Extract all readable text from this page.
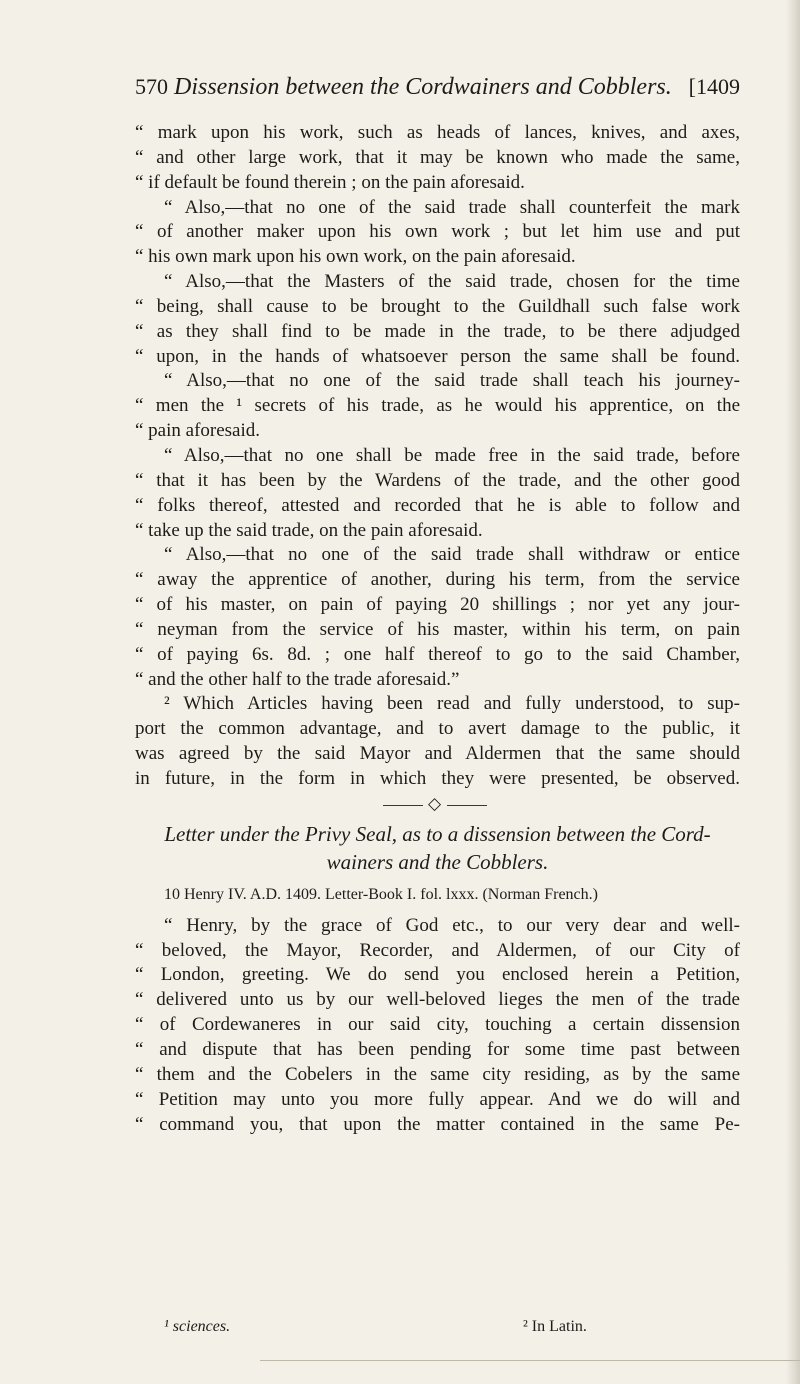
570 Dissension between the Cordwainers and Cobblers. [1409
“ mark upon his work, such as heads of lances, knives, and axes,
“ and other large work, that it may be known who made the same,
“ if default be found therein ; on the pain aforesaid.
“ Also,—that no one of the said trade shall counterfeit the mark
“ of another maker upon his own work ; but let him use and put
“ his own mark upon his own work, on the pain aforesaid.
“ Also,—that the Masters of the said trade, chosen for the time
“ being, shall cause to be brought to the Guildhall such false work
“ as they shall find to be made in the trade, to be there adjudged
“ upon, in the hands of whatsoever person the same shall be found.
“ Also,—that no one of the said trade shall teach his journey-
“ men the ¹ secrets of his trade, as he would his apprentice, on the
“ pain aforesaid.
“ Also,—that no one shall be made free in the said trade, before
“ that it has been by the Wardens of the trade, and the other good
“ folks thereof, attested and recorded that he is able to follow and
“ take up the said trade, on the pain aforesaid.
“ Also,—that no one of the said trade shall withdraw or entice
“ away the apprentice of another, during his term, from the service
“ of his master, on pain of paying 20 shillings ; nor yet any jour-
“ neyman from the service of his master, within his term, on pain
“ of paying 6s. 8d. ; one half thereof to go to the said Chamber,
“ and the other half to the trade aforesaid.”
² Which Articles having been read and fully understood, to sup-
port the common advantage, and to avert damage to the public, it
was agreed by the said Mayor and Aldermen that the same should
in future, in the form in which they were presented, be observed.
◇
Letter under the Privy Seal, as to a dissension between the Cord-
wainers and the Cobblers.
10 Henry IV. A.D. 1409. Letter-Book I. fol. lxxx. (Norman French.)
“ Henry, by the grace of God etc., to our very dear and well-
“ beloved, the Mayor, Recorder, and Aldermen, of our City of
“ London, greeting. We do send you enclosed herein a Petition,
“ delivered unto us by our well-beloved lieges the men of the trade
“ of Cordewaneres in our said city, touching a certain dissension
“ and dispute that has been pending for some time past between
“ them and the Cobelers in the same city residing, as by the same
“ Petition may unto you more fully appear. And we do will and
“ command you, that upon the matter contained in the same Pe-
¹ sciences.	² In Latin.
